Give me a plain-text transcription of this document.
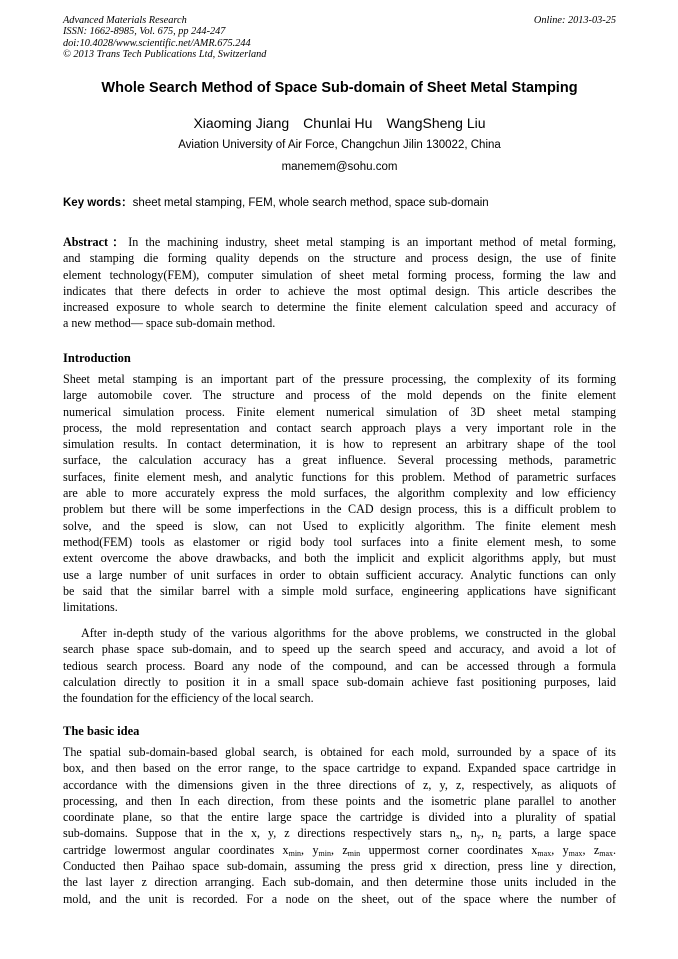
Advanced Materials Research
ISSN: 1662-8985, Vol. 675, pp 244-247
doi:10.4028/www.scientific.net/AMR.675.244
© 2013 Trans Tech Publications Ltd, Switzerland
Online: 2013-03-25
Whole Search Method of Space Sub-domain of Sheet Metal Stamping
Xiaoming Jiang Chunlai Hu WangSheng Liu
Aviation University of Air Force, Changchun Jilin 130022, China
manemem@sohu.com
Key words：sheet metal stamping, FEM, whole search method, space sub-domain
Abstract：In the machining industry, sheet metal stamping is an important method of metal forming,
and stamping die forming quality depends on the structure and process design, the use of finite
element technology(FEM), computer simulation of sheet metal forming process, forming the law and
indicates that there defects in order to achieve the most optimal design. This article describes the
increased exposure to whole search to determine the finite element calculation speed and accuracy of
a new method— space sub-domain method.
Introduction
Sheet metal stamping is an important part of the pressure processing, the complexity of its forming
large automobile cover. The structure and process of the mold depends on the finite element
numerical simulation process. Finite element numerical simulation of 3D sheet metal stamping
process, the mold representation and contact search approach plays a very important role in the
simulation results. In contact determination, it is how to represent an arbitrary shape of the tool
surface, the calculation accuracy has a great influence. Several processing methods, parametric
surfaces, finite element mesh, and analytic functions for this problem. Method of parametric surfaces
are able to more accurately express the mold surfaces, the algorithm complexity and low efficiency
problem but there will be some imperfections in the CAD design process, this is a difficult problem to
solve, and the speed is slow, can not Used to explicitly algorithm. The finite element mesh
method(FEM) tools as elastomer or rigid body tool surfaces into a finite element mesh, to some
extent overcome the above drawbacks, and both the implicit and explicit algorithms apply, but must
use a large number of unit surfaces in order to obtain sufficient accuracy. Analytic functions can only
be said that the similar barrel with a simple mold surface, engineering applications have significant
limitations.
After in-depth study of the various algorithms for the above problems, we constructed in the global
search phase space sub-domain, and to speed up the search speed and accuracy, and avoid a lot of
tedious search process. Board any node of the compound, and can be accessed through a formula
calculation directly to position it in a small space sub-domain achieve fast positioning purposes, laid
the foundation for the efficiency of the local search.
The basic idea
The spatial sub-domain-based global search, is obtained for each mold, surrounded by a space of its
box, and then based on the error range, to the space cartridge to expand. Expanded space cartridge in
accordance with the dimensions given in the three directions of z, y, z, respectively, as aliquots of
processing, and then In each direction, from these points and the isometric plane parallel to another
coordinate plane, so that the entire large space the cartridge is divided into a plurality of spatial
sub-domains. Suppose that in the x, y, z directions respectively stars $n_x$, $n_y$, $n_z$ parts, a large space
cartridge lowermost angular coordinates $x_{min}$, $y_{min}$, $z_{min}$ uppermost corner coordinates $x_{max}$, $y_{max}$, $z_{max}$.
Conducted then Paihao space sub-domain, assuming the press grid x direction, press line y direction,
the last layer z direction arranging. Each sub-domain, and then determine those units included in the
mold, and the unit is recorded. For a node on the sheet, out of the space where the number of
